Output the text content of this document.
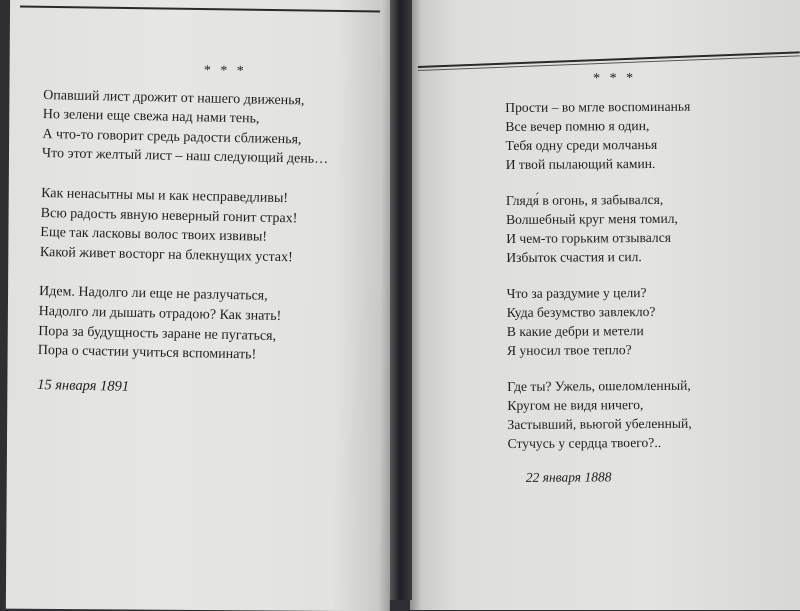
* * *
Опавший лист дрожит от нашего движенья,
Но зелени еще свежа над нами тень,
А что-то говорит средь радости сближенья,
Что этот желтый лист – наш следующий день…
Как ненасытны мы и как несправедливы!
Всю радость явную неверный гонит страх!
Еще так ласковы волос твоих извивы!
Какой живет восторг на блекнущих устах!
Идем. Надолго ли еще не разлучаться,
Надолго ли дышать отрадою? Как знать!
Пора за будущность заране не пугаться,
Пора о счастии учиться вспоминать!
15 января 1891
* * *
Прости – во мгле воспоминанья
Все вечер помню я один,
Тебя одну среди молчанья
И твой пылающий камин.
Глядя́ в огонь, я забывался,
Волшебный круг меня томил,
И чем-то горьким отзывался
Избыток счастия и сил.
Что за раздумие у цели?
Куда безумство завлекло?
В какие дебри и метели
Я уносил твое тепло?
Где ты? Ужель, ошеломленный,
Кругом не видя ничего,
Застывший, вьюгой убеленный,
Стучусь у сердца твоего?..
22 января 1888
